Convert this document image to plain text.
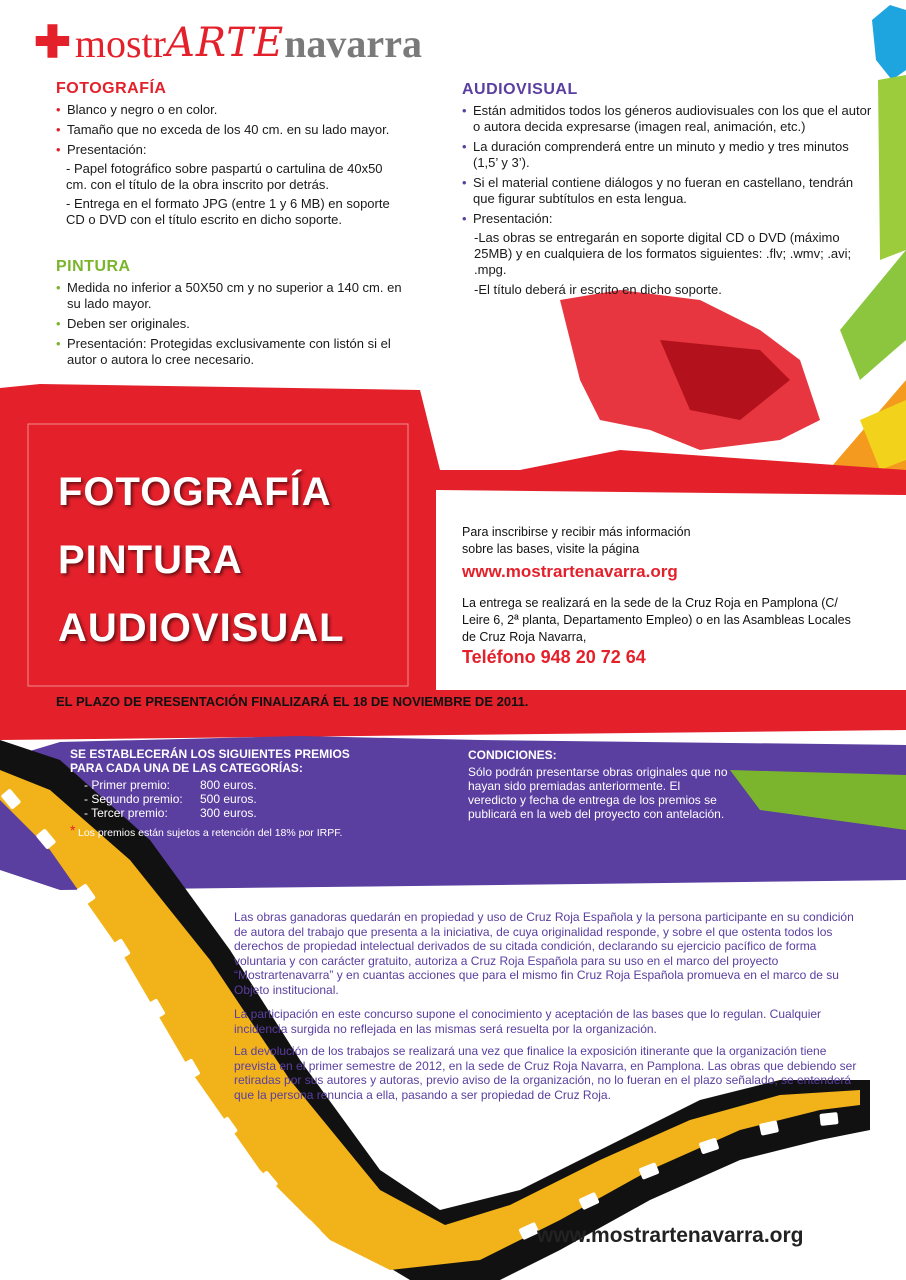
✚ mostr ARTE navarra
FOTOGRAFÍA
• Blanco y negro o en color.
• Tamaño que no exceda de los 40 cm. en su lado mayor.
• Presentación:
- Papel fotográfico sobre paspartú o cartulina de 40x50 cm. con el título de la obra inscrito por detrás.
- Entrega en el formato JPG (entre 1 y 6 MB) en soporte CD o DVD con el título escrito en dicho soporte.
PINTURA
• Medida no inferior a 50X50 cm y no superior a 140 cm. en su lado mayor.
• Deben ser originales.
• Presentación: Protegidas exclusivamente con listón si el autor o autora lo cree necesario.
AUDIOVISUAL
• Están admitidos todos los géneros audiovisuales con los que el autor o autora decida expresarse (imagen real, animación, etc.)
• La duración comprenderá entre un minuto y medio y tres minutos (1,5’ y 3’).
• Si el material contiene diálogos y no fueran en castellano, tendrán que figurar subtítulos en esta lengua.
• Presentación:
-Las obras se entregarán en soporte digital CD o DVD (máximo 25MB) y en cualquiera de los formatos siguientes: .flv; .wmv; .avi; .mpg.
-El título deberá ir escrito en dicho soporte.
FOTOGRAFÍA
PINTURA
AUDIOVISUAL
Para inscribirse y recibir más información sobre las bases, visite la página
www.mostrartenavarra.org
La entrega se realizará en la sede de la Cruz Roja en Pamplona (C/ Leire 6, 2ª planta, Departamento Empleo) o en las Asambleas Locales de Cruz Roja Navarra,
Teléfono 948 20 72 64
EL PLAZO DE PRESENTACIÓN FINALIZARÁ EL 18 DE NOVIEMBRE DE 2011.
SE ESTABLECERÁN LOS SIGUIENTES PREMIOS
PARA CADA UNA DE LAS CATEGORÍAS:
- Primer premio:	800 euros.
- Segundo premio:	500 euros.
- Tercer premio:	300 euros.
* Los premios están sujetos a retención del 18% por IRPF.
CONDICIONES:
Sólo podrán presentarse obras originales que no hayan sido premiadas anteriormente. El veredicto y fecha de entrega de los premios se publicará en la web del proyecto con antelación.
Las obras ganadoras quedarán en propiedad y uso de Cruz Roja Española y la persona participante en su condición de autora del trabajo que presenta a la iniciativa, de cuya originalidad responde, y sobre el que ostenta todos los derechos de propiedad intelectual derivados de su citada condición, declarando su ejercicio pacífico de forma voluntaria y con carácter gratuito, autoriza a Cruz Roja Española para su uso en el marco del proyecto “Mostrartenavarra” y en cuantas acciones que para el mismo fin Cruz Roja Española promueva en el marco de su Objeto institucional.
La participación en este concurso supone el conocimiento y aceptación de las bases que lo regulan. Cualquier incidencia surgida no reflejada en las mismas será resuelta por la organización.
La devolución de los trabajos se realizará una vez que finalice la exposición itinerante que la organización tiene prevista en el primer semestre de 2012, en la sede de Cruz Roja Navarra, en Pamplona. Las obras que debiendo ser retiradas por sus autores y autoras, previo aviso de la organización, no lo fueran en el plazo señalado, se entenderá que la persona renuncia a ella, pasando a ser propiedad de Cruz Roja.
www.mostrartenavarra.org
